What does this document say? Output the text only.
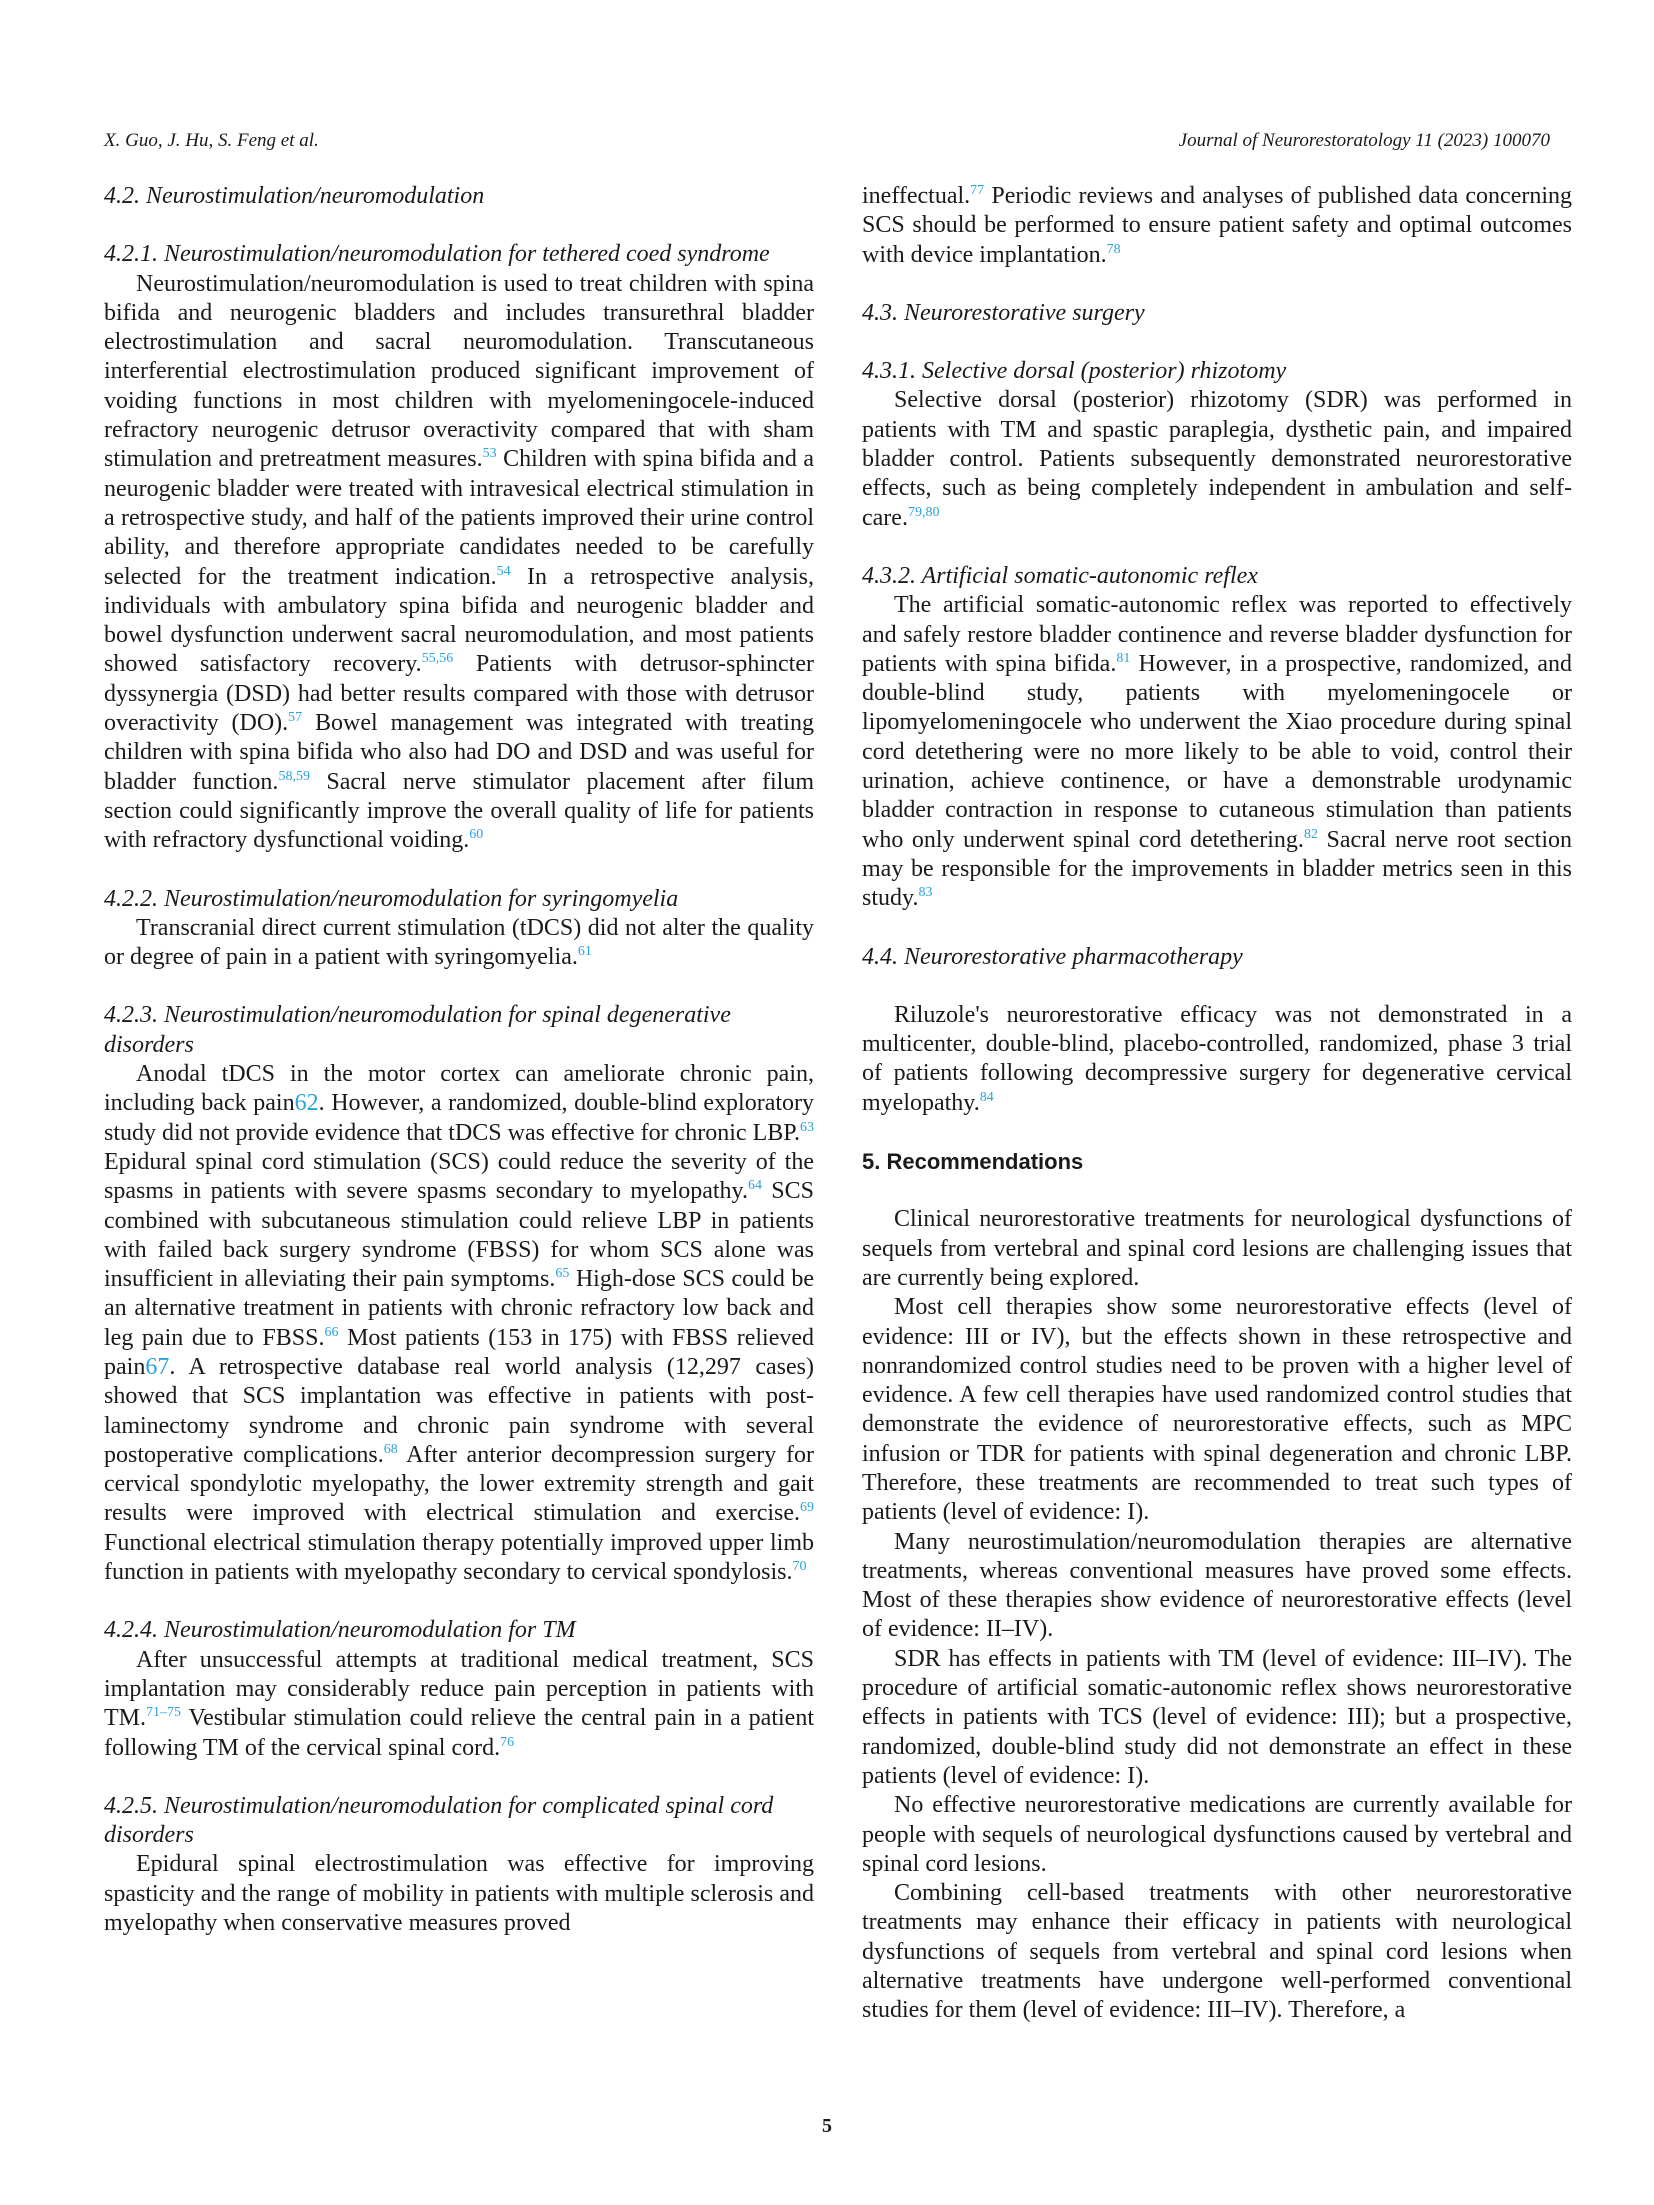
X. Guo, J. Hu, S. Feng et al.	Journal of Neurorestoratology 11 (2023) 100070
4.2. Neurostimulation/neuromodulation
4.2.1. Neurostimulation/neuromodulation for tethered coed syndrome

Neurostimulation/neuromodulation is used to treat children with spina bifida and neurogenic bladders and includes transurethral bladder electrostimulation and sacral neuromodulation. Transcutaneous interferential electrostimulation produced significant improvement of voiding functions in most children with myelomeningocele-induced refractory neurogenic detrusor overactivity compared that with sham stimulation and pretreatment measures.$^{53}$ Children with spina bifida and a neurogenic bladder were treated with intravesical electrical stimulation in a retrospective study, and half of the patients improved their urine control ability, and therefore appropriate candidates needed to be carefully selected for the treatment indication.$^{54}$ In a retrospective analysis, individuals with ambulatory spina bifida and neurogenic bladder and bowel dysfunction underwent sacral neuromodulation, and most patients showed satisfactory recovery.$^{55,56}$ Patients with detrusor-sphincter dyssynergia (DSD) had better results compared with those with detrusor overactivity (DO).$^{57}$ Bowel management was integrated with treating children with spina bifida who also had DO and DSD and was useful for bladder function.$^{58,59}$ Sacral nerve stimulator placement after filum section could significantly improve the overall quality of life for patients with refractory dysfunctional voiding.$^{60}$

4.2.2. Neurostimulation/neuromodulation for syringomyelia

Transcranial direct current stimulation (tDCS) did not alter the quality or degree of pain in a patient with syringomyelia.$^{61}$

4.2.3. Neurostimulation/neuromodulation for spinal degenerative disorders

Anodal tDCS in the motor cortex can ameliorate chronic pain, including back pain62. However, a randomized, double-blind exploratory study did not provide evidence that tDCS was effective for chronic LBP.$^{63}$ Epidural spinal cord stimulation (SCS) could reduce the severity of the spasms in patients with severe spasms secondary to myelopathy.$^{64}$ SCS combined with subcutaneous stimulation could relieve LBP in patients with failed back surgery syndrome (FBSS) for whom SCS alone was insufficient in alleviating their pain symptoms.$^{65}$ High-dose SCS could be an alternative treatment in patients with chronic refractory low back and leg pain due to FBSS.$^{66}$ Most patients (153 in 175) with FBSS relieved pain67. A retrospective database real world analysis (12,297 cases) showed that SCS implantation was effective in patients with post-laminectomy syndrome and chronic pain syndrome with several postoperative complications.$^{68}$ After anterior decompression surgery for cervical spondylotic myelopathy, the lower extremity strength and gait results were improved with electrical stimulation and exercise.$^{69}$ Functional electrical stimulation therapy potentially improved upper limb function in patients with myelopathy secondary to cervical spondylosis.$^{70}$

4.2.4. Neurostimulation/neuromodulation for TM

After unsuccessful attempts at traditional medical treatment, SCS implantation may considerably reduce pain perception in patients with TM.$^{71-75}$ Vestibular stimulation could relieve the central pain in a patient following TM of the cervical spinal cord.$^{76}$

4.2.5. Neurostimulation/neuromodulation for complicated spinal cord disorders

Epidural spinal electrostimulation was effective for improving spasticity and the range of mobility in patients with multiple sclerosis and myelopathy when conservative measures proved

ineffectual.$^{77}$ Periodic reviews and analyses of published data concerning SCS should be performed to ensure patient safety and optimal outcomes with device implantation.$^{78}$

4.3. Neurorestorative surgery
4.3.1. Selective dorsal (posterior) rhizotomy

Selective dorsal (posterior) rhizotomy (SDR) was performed in patients with TM and spastic paraplegia, dysthetic pain, and impaired bladder control. Patients subsequently demonstrated neurorestorative effects, such as being completely independent in ambulation and self-care.$^{79,80}$

4.3.2. Artificial somatic-autonomic reflex

The artificial somatic-autonomic reflex was reported to effectively and safely restore bladder continence and reverse bladder dysfunction for patients with spina bifida.$^{81}$ However, in a prospective, randomized, and double-blind study, patients with myelomeningocele or lipomyelomeningocele who underwent the Xiao procedure during spinal cord detethering were no more likely to be able to void, control their urination, achieve continence, or have a demonstrable urodynamic bladder contraction in response to cutaneous stimulation than patients who only underwent spinal cord detethering.$^{82}$ Sacral nerve root section may be responsible for the improvements in bladder metrics seen in this study.$^{83}$

4.4. Neurorestorative pharmacotherapy

Riluzole's neurorestorative efficacy was not demonstrated in a multicenter, double-blind, placebo-controlled, randomized, phase 3 trial of patients following decompressive surgery for degenerative cervical myelopathy.$^{84}$

5. Recommendations

Clinical neurorestorative treatments for neurological dysfunctions of sequels from vertebral and spinal cord lesions are challenging issues that are currently being explored.

Most cell therapies show some neurorestorative effects (level of evidence: III or IV), but the effects shown in these retrospective and nonrandomized control studies need to be proven with a higher level of evidence. A few cell therapies have used randomized control studies that demonstrate the evidence of neurorestorative effects, such as MPC infusion or TDR for patients with spinal degeneration and chronic LBP. Therefore, these treatments are recommended to treat such types of patients (level of evidence: I).

Many neurostimulation/neuromodulation therapies are alternative treatments, whereas conventional measures have proved some effects. Most of these therapies show evidence of neurorestorative effects (level of evidence: II–IV).

SDR has effects in patients with TM (level of evidence: III–IV). The procedure of artificial somatic-autonomic reflex shows neurorestorative effects in patients with TCS (level of evidence: III); but a prospective, randomized, double-blind study did not demonstrate an effect in these patients (level of evidence: I).

No effective neurorestorative medications are currently available for people with sequels of neurological dysfunctions caused by vertebral and spinal cord lesions.

Combining cell-based treatments with other neurorestorative treatments may enhance their efficacy in patients with neurological dysfunctions of sequels from vertebral and spinal cord lesions when alternative treatments have undergone well-performed conventional studies for them (level of evidence: III–IV). Therefore, a

5
